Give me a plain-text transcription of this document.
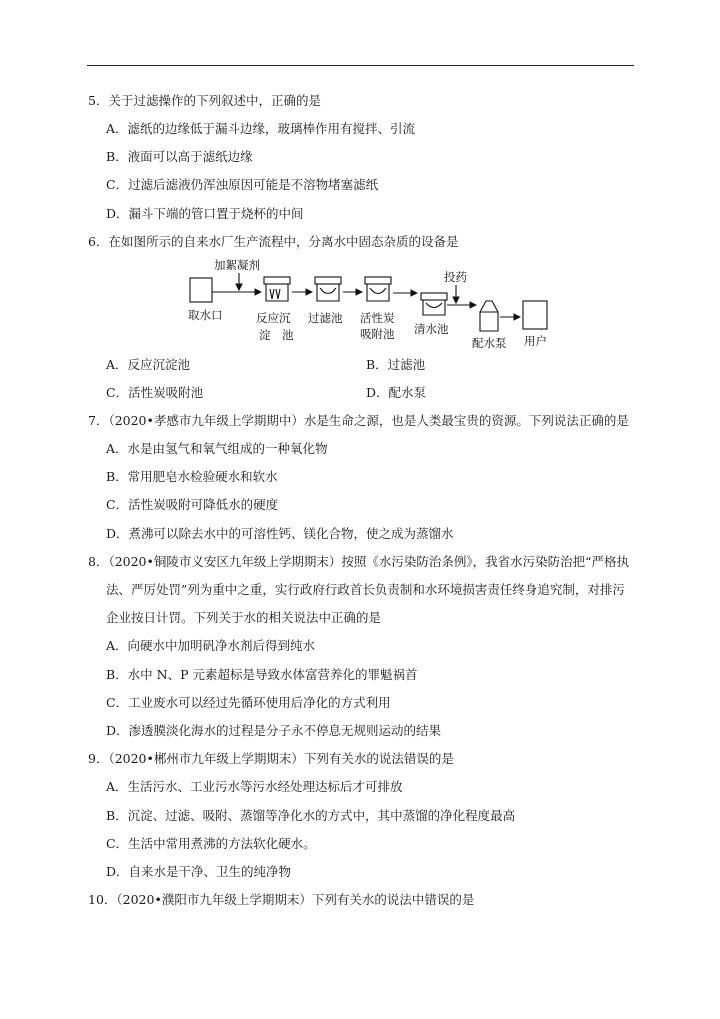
5．关于过滤操作的下列叙述中，正确的是
A．滤纸的边缘低于漏斗边缘，玻璃棒作用有搅拌、引流
B．液面可以高于滤纸边缘
C．过滤后滤液仍浑浊原因可能是不溶物堵塞滤纸
D．漏斗下端的管口置于烧杯的中间
6．在如图所示的自来水厂生产流程中，分离水中固态杂质的设备是
加絮凝剂
投药
取水口	反应沉
淀　池
过滤池 活性炭
吸附池 清水池
配水泵 用户
A．反应沉淀池	B．过滤池
C．活性炭吸附池	D．配水泵
7．（2020•孝感市九年级上学期期中）水是生命之源，也是人类最宝贵的资源。下列说法正确的是
A．水是由氢气和氧气组成的一种氧化物
B．常用肥皂水检验硬水和软水
C．活性炭吸附可降低水的硬度
D．煮沸可以除去水中的可溶性钙、镁化合物，使之成为蒸馏水
8．（2020•铜陵市义安区九年级上学期期末）按照《水污染防治条例》，我省水污染防治把“严格执
法、严厉处罚”列为重中之重，实行政府行政首长负责制和水环境损害责任终身追究制，对排污
企业按日计罚。下列关于水的相关说法中正确的是
A．向硬水中加明矾净水剂后得到纯水
B．水中 N、P 元素超标是导致水体富营养化的罪魁祸首
C．工业废水可以经过先循环使用后净化的方式利用
D．渗透膜淡化海水的过程是分子永不停息无规则运动的结果
9．（2020•郴州市九年级上学期期末）下列有关水的说法错误的是
A．生活污水、工业污水等污水经处理达标后才可排放
B．沉淀、过滤、吸附、蒸馏等净化水的方式中，其中蒸馏的净化程度最高
C．生活中常用煮沸的方法软化硬水。
D．自来水是干净、卫生的纯净物
10．（2020•濮阳市九年级上学期期末）下列有关水的说法中错误的是
